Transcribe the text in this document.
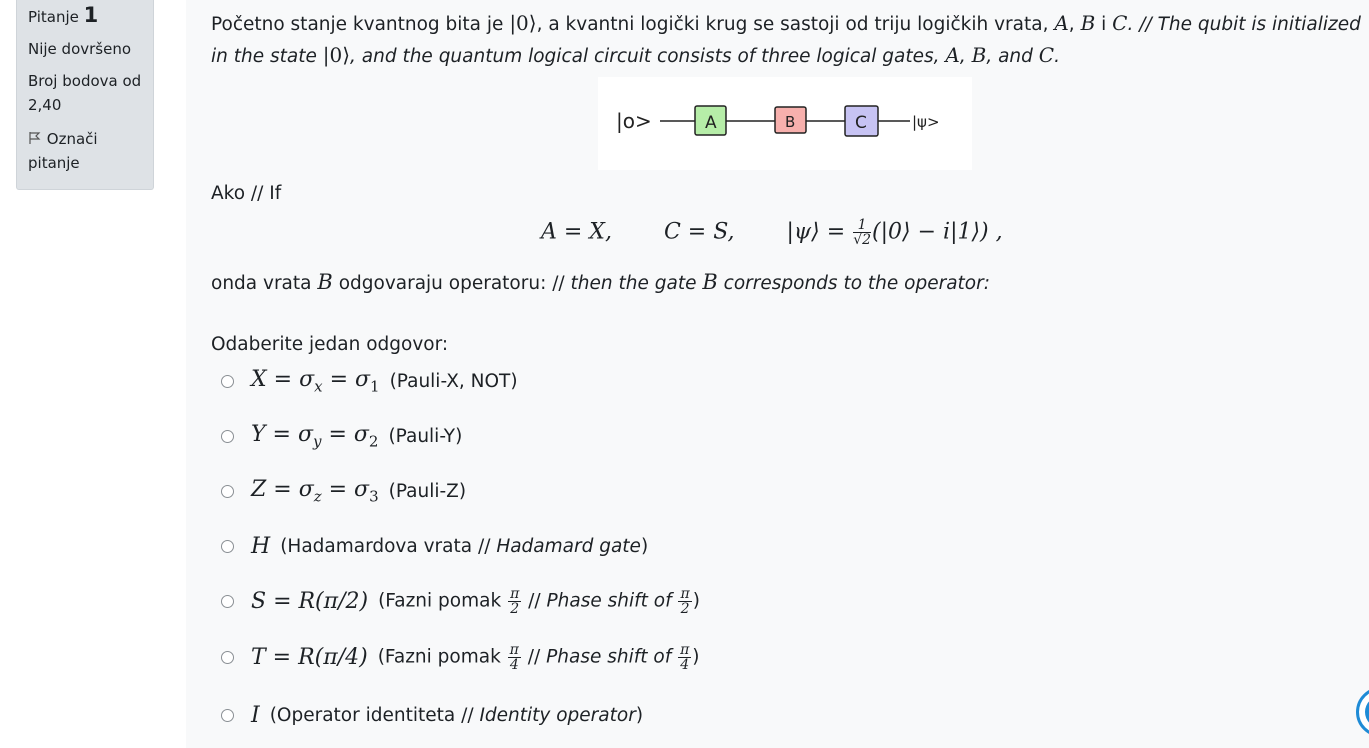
Pitanje 1
Nije dovršeno
Broj bodova od
2,40
Označi
pitanje
Početno stanje kvantnog bita je |0⟩, a kvantni logički krug se sastoji od triju logičkih vrata, A, B i C. // The qubit is initialized
in the state |0⟩, and the quantum logical circuit consists of three logical gates, A, B, and C.
|o>	A	B	C	|ψ>
Ako // If
A = X, C = S, |ψ⟩ = $\frac{1}{√2}$ (|0⟩ − i|1⟩) ,
onda vrata B odgovaraju operatoru: // then the gate B corresponds to the operator:
Odaberite jedan odgovor:
$X = \sigma_x = \sigma_1$ (Pauli-X, NOT)
$Y = \sigma_y = \sigma_2$ (Pauli-Y)
$Z = \sigma_z = \sigma_3$ (Pauli-Z)
H (Hadamardova vrata // Hadamard gate)
S = R(π/2) (Fazni pomak $\frac{\pi}{2}$ // Phase shift of $\frac{\pi}{2}$ )
T = R(π/4) (Fazni pomak $\frac{\pi}{4}$ // Phase shift of $\frac{\pi}{4}$ )
I (Operator identiteta // Identity operator)
